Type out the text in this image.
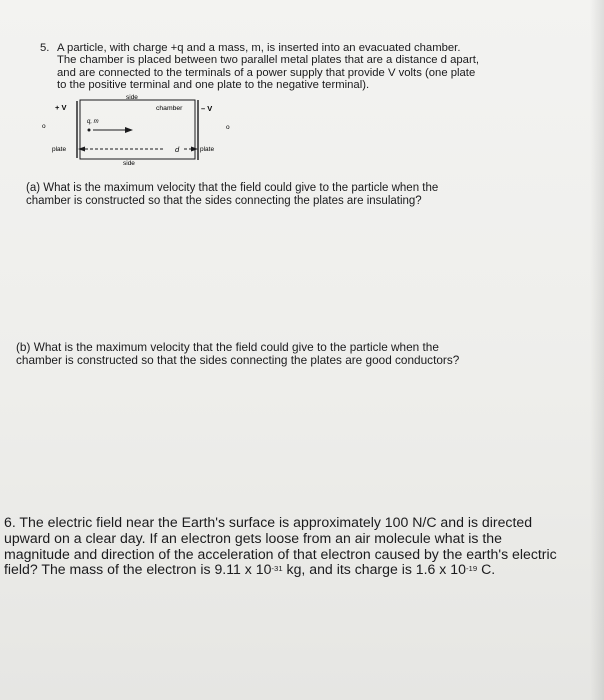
5. A particle, with charge +q and a mass, m, is inserted into an evacuated chamber.
The chamber is placed between two parallel metal plates that are a distance d apart,
and are connected to the terminals of a power supply that provide V volts (one plate
to the positive terminal and one plate to the negative terminal).
side
+ V	chamber – V
o	o
q, m
plate	d	plate
side
(a) What is the maximum velocity that the field could give to the particle when the
chamber is constructed so that the sides connecting the plates are insulating?
(b) What is the maximum velocity that the field could give to the particle when the
chamber is constructed so that the sides connecting the plates are good conductors?
6. The electric field near the Earth's surface is approximately 100 N/C and is directed
upward on a clear day. If an electron gets loose from an air molecule what is the
magnitude and direction of the acceleration of that electron caused by the earth's electric
field? The mass of the electron is 9.11 x $10^{-31}$ kg, and its charge is 1.6 x $10^{-19}$ C.
